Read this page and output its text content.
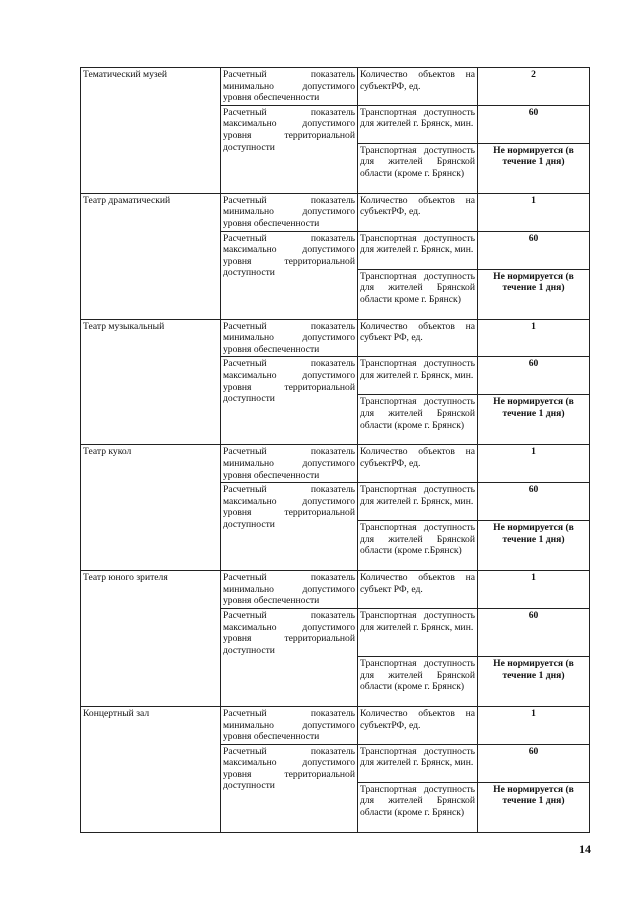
Тематический музей	Расчетный показатель минимально допустимого уровня обеспеченности	Количество объектов на субъектРФ, ед.	2
	Расчетный показатель максимально допустимого уровня территориальной доступности	Транспортная доступность для жителей г. Брянск, мин.	60
		Транспортная доступность для жителей Брянской области (кроме г. Брянск)	Не нормируется (в течение 1 дня)
Театр драматический	Расчетный показатель минимально допустимого уровня обеспеченности	Количество объектов на субъектРФ, ед.	1
	Расчетный показатель максимально допустимого уровня территориальной доступности	Транспортная доступность для жителей г. Брянск, мин.	60
		Транспортная доступность для жителей Брянской области кроме г. Брянск)	Не нормируется (в течение 1 дня)
Театр музыкальный	Расчетный показатель минимально допустимого уровня обеспеченности	Количество объектов на субъект РФ, ед.	1
	Расчетный показатель максимально допустимого уровня территориальной доступности	Транспортная доступность для жителей г. Брянск, мин.	60
		Транспортная доступность для жителей Брянской области (кроме г. Брянск)	Не нормируется (в течение 1 дня)
Театр кукол	Расчетный показатель минимально допустимого уровня обеспеченности	Количество объектов на субъектРФ, ед.	1
	Расчетный показатель максимально допустимого уровня территориальной доступности	Транспортная доступность для жителей г. Брянск, мин.	60
		Транспортная доступность для жителей Брянской области (кроме г.Брянск)	Не нормируется (в течение 1 дня)
Театр юного зрителя	Расчетный показатель минимально допустимого уровня обеспеченности	Количество объектов на субъект РФ, ед.	1
	Расчетный показатель максимально допустимого уровня территориальной доступности	Транспортная доступность для жителей г. Брянск, мин.	60
		Транспортная доступность для жителей Брянской области (кроме г. Брянск)	Не нормируется (в течение 1 дня)
Концертный зал	Расчетный показатель минимально допустимого уровня обеспеченности	Количество объектов на субъектРФ, ед.	1
	Расчетный показатель максимально допустимого уровня территориальной доступности	Транспортная доступность для жителей г. Брянск, мин.	60
		Транспортная доступность для жителей Брянской области (кроме г. Брянск)	Не нормируется (в течение 1 дня)
14
